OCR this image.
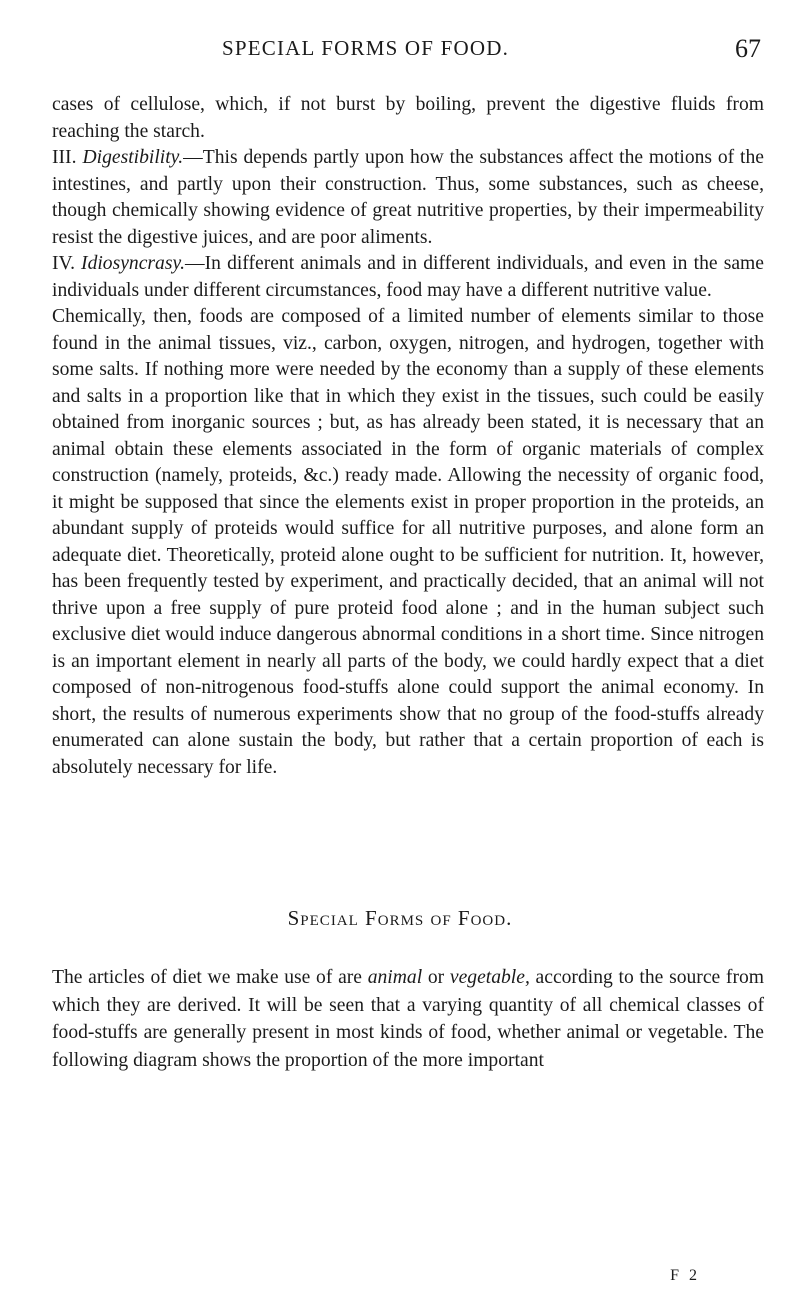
SPECIAL FORMS OF FOOD.	67

cases of cellulose, which, if not burst by boiling, prevent the digestive fluids from reaching the starch.

III. Digestibility.—This depends partly upon how the substances affect the motions of the intestines, and partly upon their construction. Thus, some substances, such as cheese, though chemically showing evidence of great nutritive properties, by their impermeability resist the digestive juices, and are poor aliments.

IV. Idiosyncrasy.—In different animals and in different individuals, and even in the same individuals under different circumstances, food may have a different nutritive value.

Chemically, then, foods are composed of a limited number of elements similar to those found in the animal tissues, viz., carbon, oxygen, nitrogen, and hydrogen, together with some salts. If nothing more were needed by the economy than a supply of these elements and salts in a proportion like that in which they exist in the tissues, such could be easily obtained from inorganic sources ; but, as has already been stated, it is necessary that an animal obtain these elements associated in the form of organic materials of complex construction (namely, proteids, &c.) ready made. Allowing the necessity of organic food, it might be supposed that since the elements exist in proper proportion in the proteids, an abundant supply of proteids would suffice for all nutritive purposes, and alone form an adequate diet. Theoretically, proteid alone ought to be sufficient for nutrition. It, however, has been frequently tested by experiment, and practically decided, that an animal will not thrive upon a free supply of pure proteid food alone ; and in the human subject such exclusive diet would induce dangerous abnormal conditions in a short time. Since nitrogen is an important element in nearly all parts of the body, we could hardly expect that a diet composed of non-nitrogenous food-stuffs alone could support the animal economy. In short, the results of numerous experiments show that no group of the food-stuffs already enumerated can alone sustain the body, but rather that a certain proportion of each is absolutely necessary for life.

Special Forms of Food.

The articles of diet we make use of are animal or vegetable, according to the source from which they are derived. It will be seen that a varying quantity of all chemical classes of food-stuffs are generally present in most kinds of food, whether animal or vegetable. The following diagram shows the proportion of the more important

F 2
